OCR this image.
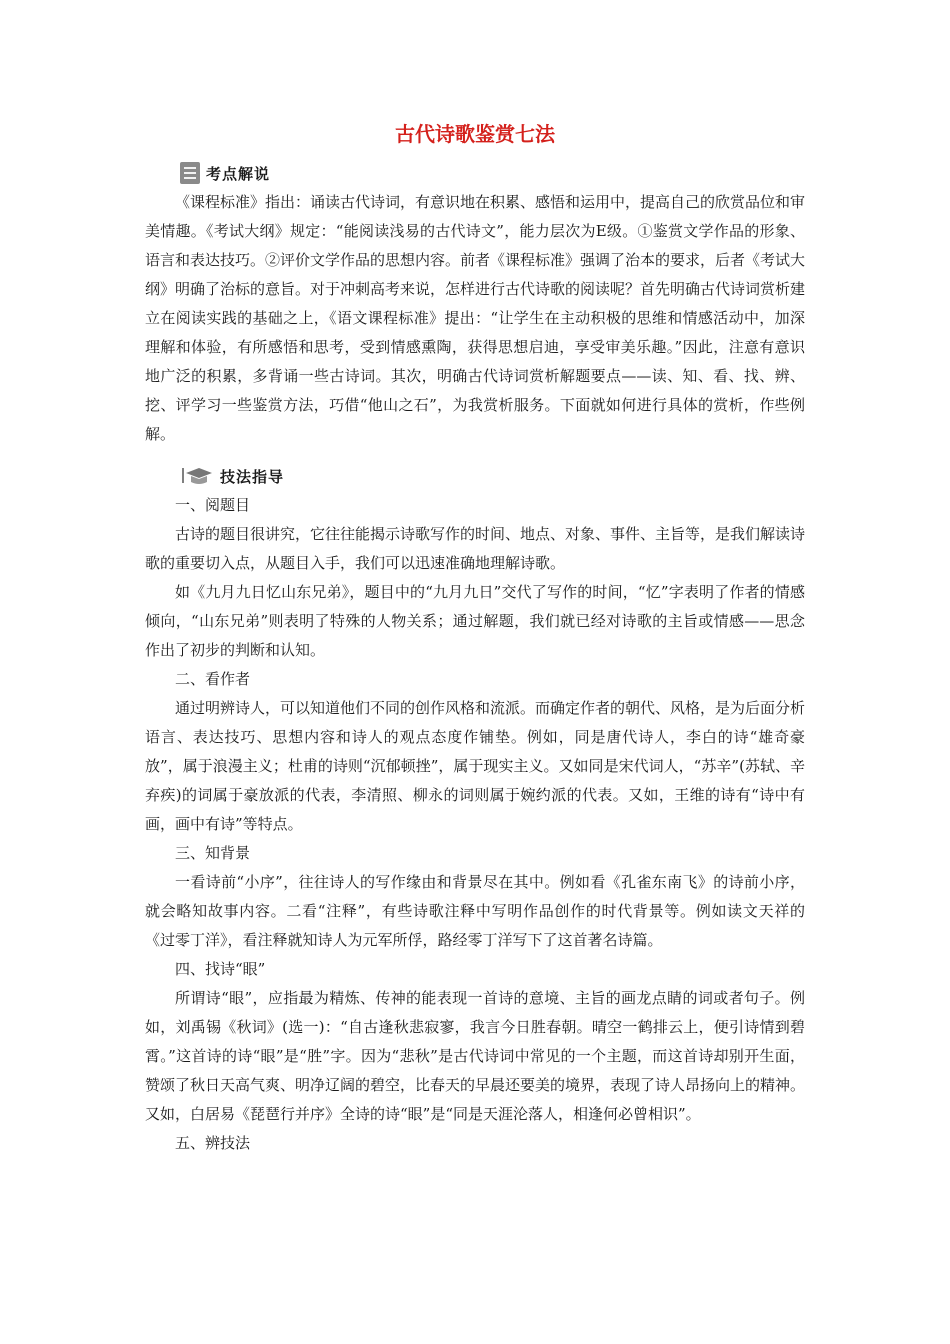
古代诗歌鉴赏七法
考点解说

《课程标准》指出：诵读古代诗词，有意识地在积累、感悟和运用中，提高自己的欣赏品位和审美情趣。《考试大纲》规定：“能阅读浅易的古代诗文”，能力层次为E级。①鉴赏文学作品的形象、语言和表达技巧。②评价文学作品的思想内容。前者《课程标准》强调了治本的要求，后者《考试大纲》明确了治标的意旨。对于冲刺高考来说，怎样进行古代诗歌的阅读呢？首先明确古代诗词赏析建立在阅读实践的基础之上，《语文课程标准》提出：“让学生在主动积极的思维和情感活动中，加深理解和体验，有所感悟和思考，受到情感熏陶，获得思想启迪，享受审美乐趣。”因此，注意有意识地广泛的积累，多背诵一些古诗词。其次，明确古代诗词赏析解题要点——读、知、看、找、辨、挖、评学习一些鉴赏方法，巧借“他山之石”，为我赏析服务。下面就如何进行具体的赏析，作些例解。

技法指导

一、阅题目

古诗的题目很讲究，它往往能揭示诗歌写作的时间、地点、对象、事件、主旨等，是我们解读诗歌的重要切入点，从题目入手，我们可以迅速准确地理解诗歌。

如《九月九日忆山东兄弟》，题目中的“九月九日”交代了写作的时间，“忆”字表明了作者的情感倾向，“山东兄弟”则表明了特殊的人物关系；通过解题，我们就已经对诗歌的主旨或情感——思念作出了初步的判断和认知。

二、看作者

通过明辨诗人，可以知道他们不同的创作风格和流派。而确定作者的朝代、风格，是为后面分析语言、表达技巧、思想内容和诗人的观点态度作铺垫。例如，同是唐代诗人，李白的诗“雄奇豪放”，属于浪漫主义；杜甫的诗则“沉郁顿挫”，属于现实主义。又如同是宋代词人，“苏辛”(苏轼、辛弃疾)的词属于豪放派的代表，李清照、柳永的词则属于婉约派的代表。又如，王维的诗有“诗中有画，画中有诗”等特点。

三、知背景

一看诗前“小序”，往往诗人的写作缘由和背景尽在其中。例如看《孔雀东南飞》的诗前小序，就会略知故事内容。二看“注释”，有些诗歌注释中写明作品创作的时代背景等。例如读文天祥的《过零丁洋》，看注释就知诗人为元军所俘，路经零丁洋写下了这首著名诗篇。

四、找诗“眼”

所谓诗“眼”，应指最为精炼、传神的能表现一首诗的意境、主旨的画龙点睛的词或者句子。例如，刘禹锡《秋词》(选一)：“自古逢秋悲寂寥，我言今日胜春朝。晴空一鹤排云上，便引诗情到碧霄。”这首诗的诗“眼”是“胜”字。因为“悲秋”是古代诗词中常见的一个主题，而这首诗却别开生面，赞颂了秋日天高气爽、明净辽阔的碧空，比春天的早晨还要美的境界，表现了诗人昂扬向上的精神。又如，白居易《琵琶行并序》全诗的诗“眼”是“同是天涯沦落人，相逢何必曾相识”。

五、辨技法
